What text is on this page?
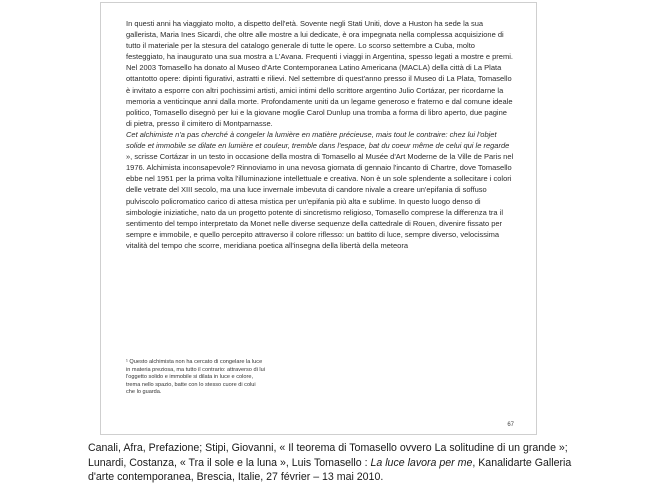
In questi anni ha viaggiato molto, a dispetto dell'età. Sovente negli Stati Uniti, dove a Huston ha sede la sua gallerista, Maria Ines Sicardi, che oltre alle mostre a lui dedicate, è ora impegnata nella complessa acquisizione di tutto il materiale per la stesura del catalogo generale di tutte le opere. Lo scorso settembre a Cuba, molto festeggiato, ha inaugurato una sua mostra a L'Avana. Frequenti i viaggi in Argentina, spesso legati a mostre e premi. Nel 2003 Tomasello ha donato al Museo d'Arte Contemporanea Latino Americana (MACLA) della città di La Plata ottantotto opere: dipinti figurativi, astratti e rilievi. Nel settembre di quest'anno presso il Museo di La Plata, Tomasello è invitato a esporre con altri pochissimi artisti, amici intimi dello scrittore argentino Julio Cortázar, per ricordarne la memoria a venticinque anni dalla morte. Profondamente uniti da un legame generoso e fraterno e dal comune ideale politico, Tomasello disegnò per lui e la giovane moglie Carol Dunlup una tromba a forma di libro aperto, due pagine di pietra, presso il cimitero di Montparnasse.

Cet alchimiste n'a pas cherché à congeler la lumière en matière précieuse, mais tout le contraire: chez lui l'objet solide et immobile se dilate en lumière et couleur, tremble dans l'espace, bat du coeur même de celui qui le regarde », scrisse Cortázar in un testo in occasione della mostra di Tomasello al Musée d'Art Moderne de la Ville de Paris nel 1976. Alchimista inconsapevole? Rinnoviamo in una nevosa giornata di gennaio l'incanto di Chartre, dove Tomasello ebbe nel 1951 per la prima volta l'illuminazione intellettuale e creativa. Non è un sole splendente a sollecitare i colori delle vetrate del XIII secolo, ma una luce invernale imbevuta di candore nivale a creare un'epifania di soffuso pulviscolo policromatico carico di attesa mistica per un'epifania più alta e sublime. In questo luogo denso di simbologie iniziatiche, nato da un progetto potente di sincretismo religioso, Tomasello comprese la differenza tra il sentimento del tempo interpretato da Monet nelle diverse sequenze della cattedrale di Rouen, divenire fissato per sempre e immobile, e quello percepito attraverso il colore riflesso: un battito di luce, sempre diverso, velocissima vitalità del tempo che scorre, meridiana poetica all'insegna della libertà della meteora

¹ Questo alchimista non ha cercato di congelare la luce in materia preziosa, ma tutto il contrario: attraverso di lui l'oggetto solido e immobile si dilata in luce e colore, trema nello spazio, batte con lo stesso cuore di colui che lo guarda.
67
Canali, Afra, Prefazione; Stipi, Giovanni, « Il teorema di Tomasello ovvero La solitudine di un grande »; Lunardi, Costanza, « Tra il sole e la luna », Luis Tomasello : La luce lavora per me, Kanalidarte Galleria d'arte contemporanea, Brescia, Italie, 27 février – 13 mai 2010.
